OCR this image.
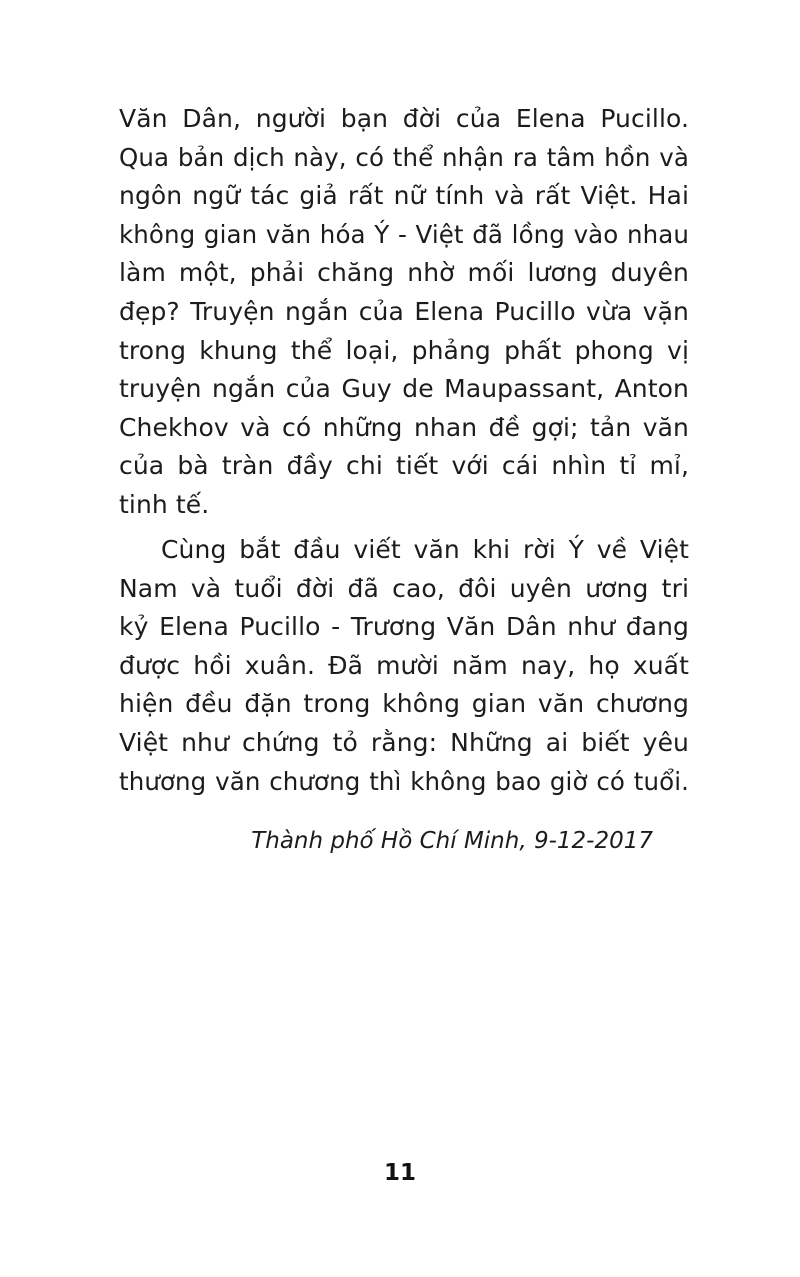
Văn Dân, người bạn đời của Elena Pucillo.
Qua bản dịch này, có thể nhận ra tâm hồn và
ngôn ngữ tác giả rất nữ tính và rất Việt. Hai
không gian văn hóa Ý - Việt đã lồng vào nhau
làm một, phải chăng nhờ mối lương duyên
đẹp? Truyện ngắn của Elena Pucillo vừa vặn
trong khung thể loại, phảng phất phong vị
truyện ngắn của Guy de Maupassant, Anton
Chekhov và có những nhan đề gợi; tản văn
của bà tràn đầy chi tiết với cái nhìn tỉ mỉ,
tinh tế.
Cùng bắt đầu viết văn khi rời Ý về Việt
Nam và tuổi đời đã cao, đôi uyên ương tri
kỷ Elena Pucillo - Trương Văn Dân như đang
được hồi xuân. Đã mười năm nay, họ xuất
hiện đều đặn trong không gian văn chương
Việt như chứng tỏ rằng: Những ai biết yêu
thương văn chương thì không bao giờ có tuổi.
Thành phố Hồ Chí Minh, 9-12-2017
11
